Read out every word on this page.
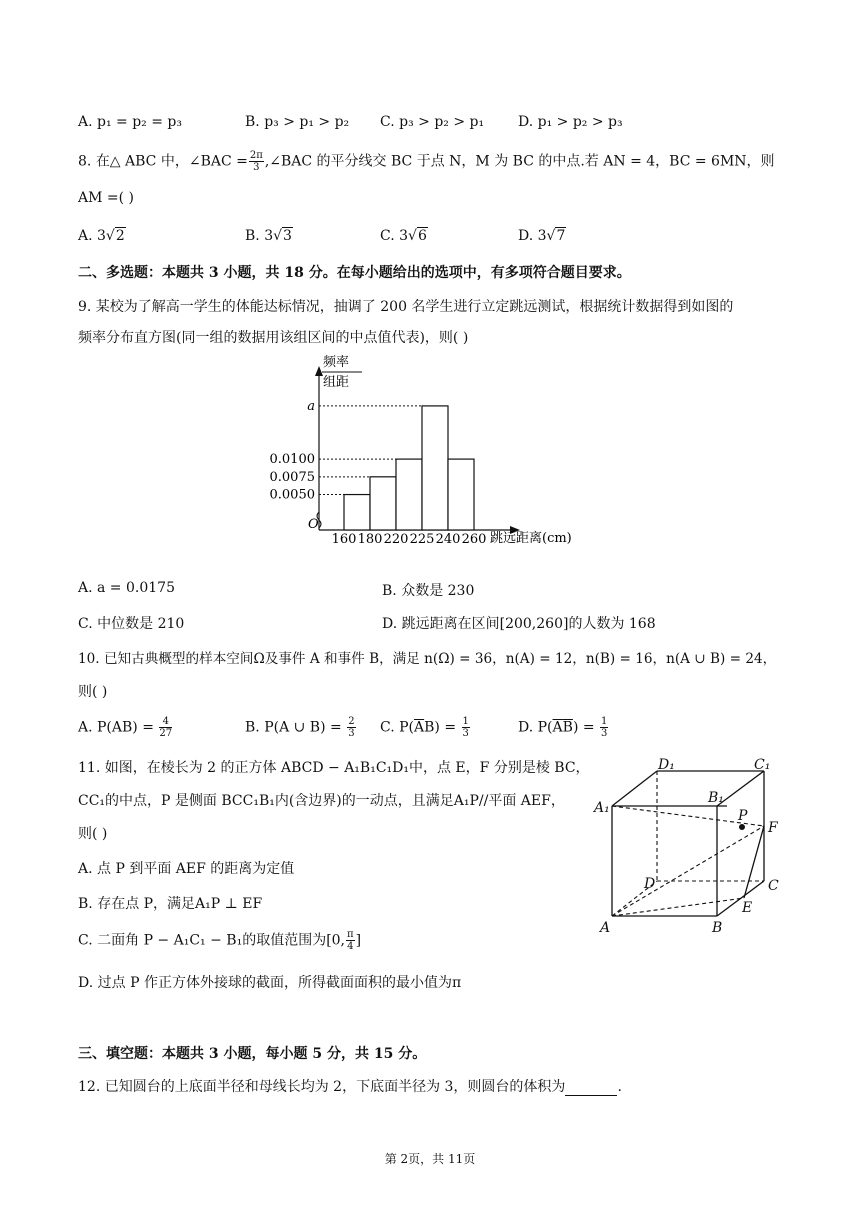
A. p₁ = p₂ = p₃	B. p₃ > p₁ > p₂ C. p₃ > p₂ > p₁ D. p₁ > p₂ > p₃
8. 在△ ABC 中，∠BAC = $\frac{2\pi}{3}$ ,∠BAC 的平分线交 BC 于点 N，M 为 BC 的中点.若 AN = 4，BC = 6MN，则
AM =( )
A. 3√2	B. 3√3	C. 3√6	D. 3√7
二、多选题：本题共 3 小题，共 18 分。在每小题给出的选项中，有多项符合题目要求。
9. 某校为了解高一学生的体能达标情况，抽调了 200 名学生进行立定跳远测试，根据统计数据得到如图的
频率分布直方图(同一组的数据用该组区间的中点值代表)，则( )
频率
组距
O
跳远距离(cm)
a
0.0100
0.0075
0.0050
160 180 220 225 240 260
A. a = 0.0175	B. 众数是 230
C. 中位数是 210	D. 跳远距离在区间[200,260]的人数为 168
10. 已知古典概型的样本空间Ω及事件 A 和事件 B，满足 n(Ω) = 36，n(A) = 12，n(B) = 16，n(A ∪ B) = 24，
则( )
A. $P(AB) = \frac{4}{27}$	B. P(A ∪ $B) = \frac{2}{3} C$. $P(\overline{A}B) = \frac{1}{3}$	D. $P(\overline{A}\overline{B}) = \frac{1}{3}$
11. 如图，在棱长为 2 的正方体 ABCD − A₁B₁C₁D₁中，点 E，F 分别是棱 BC，
CC₁的中点，P 是侧面 BCC₁B₁内(含边界)的一动点，且满足A₁P//平面 AEF，
则( )
A. 点 P 到平面 AEF 的距离为定值
B. 存在点 P，满足A₁P ⊥ EF
C. 二面角 P − A₁C₁ − B₁的取值范围为[0, $\frac{\pi}{4}$ ]
D. 过点 P 作正方体外接球的截面，所得截面面积的最小值为π
A₁
A	B
C
D
B₁
C₁
D₁
E
F
P
三、填空题：本题共 3 小题，每小题 5 分，共 15 分。
12. 已知圆台的上底面半径和母线长均为 2，下底面半径为 3，则圆台的体积为	.
第 2页，共 11页
